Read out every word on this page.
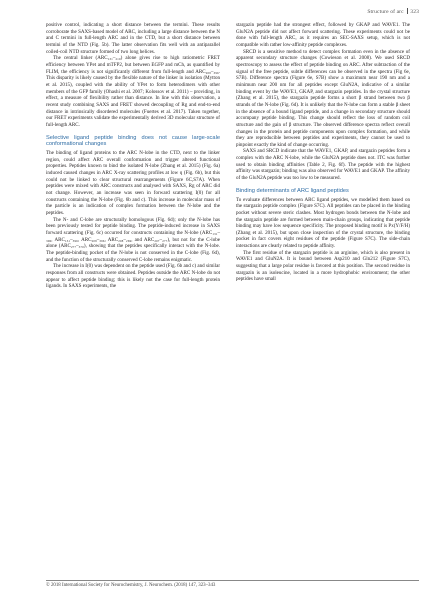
Structure of arc 323

positive control, indicating a short distance between the termini. These results corroborate the SAXS-based model of ARC, including a large distance between the N and C termini in full-length ARC and in the CTD, but a short distance between termini of the NTD (Fig. 5b). The latter observation fits well with an antiparallel coiled-coil NTD structure formed of two long helices.

The central linker (ARC₁₃₁–₂₁₉) alone gives rise to high ratiometric FRET efficiency between YPet and mTFP2, but between EGFP and mCh, as quantified by FLIM, the efficiency is not significantly different from full-length and ARC₂₀₈–₃₉₆. This disparity is likely caused by the flexible nature of the linker in isolation (Mytton et al. 2015), coupled with the ability of YPet to form heterodimers with other members of the GFP family (Ohashi et al. 2007; Kolossov et al. 2011) – providing, in effect, a measure of flexibility rather than distance. In line with this observation, a recent study combining SAXS and FRET showed decoupling of Rg and end-to-end distance in intrinsically disordered molecules (Fuertes et al. 2017). Taken together, our FRET experiments validate the experimentally derived 3D molecular structure of full-length ARC.

Selective ligand peptide binding does not cause large-scale conformational changes

The binding of ligand proteins to the ARC N-lobe in the CTD, next to the linker region, could affect ARC overall conformation and trigger altered functional properties. Peptides known to bind the isolated N-lobe (Zhang et al. 2015) (Fig. 6a) induced caused changes in ARC X-ray scattering profiles at low q (Fig. 6b), but this could not be linked to clear structural rearrangements (Figure 6C,S7A). When peptides were mixed with ARC constructs and analysed with SAXS, Rg of ARC did not change. However, an increase was seen in forward scattering I(0) for all constructs containing the N-lobe (Fig. 6b and c). This increase in molecular mass of the particle is an indication of complex formation between the N-lobe and the peptides.

The N- and C-lobe are structurally homologous (Fig. 6d); only the N-lobe has been previously tested for peptide binding. The peptide-induced increase in SAXS forward scattering (Fig. 6c) occurred for constructs containing the N-lobe (ARC₁₃₁–₃₉₆, ARC₁₃₁–₃₉₆, ARC₂₀₈–₃₉₆, ARC₂₀₈–₂₆₉, and ARC₂₀₇–₂₇₇), but not for the C-lobe alone (ARC₂₇₇–₃₇₀), showing that the peptides specifically interact with the N-lobe. The peptide-binding pocket of the N-lobe is not conserved in the C-lobe (Fig. 6d), and the function of the structurally conserved C-lobe remains enigmatic.

The increase in I(0) was dependent on the peptide used (Fig. 6b and c) and similar responses from all constructs were obtained. Peptides outside the ARC N-lobe do not appear to affect peptide binding; this is likely not the case for full-length protein ligands. In SAXS experiments, the

stargazin peptide had the strongest effect, followed by GKAP and WAVE1. The GluN2A peptide did not affect forward scattering. These experiments could not be done with full-length ARC, as it requires an SEC-SAXS setup, which is not compatible with rather low-affinity peptide complexes.

SRCD is a sensitive method to detect complex formation even in the absence of apparent secondary structure changes (Cowieson et al. 2008). We used SRCD spectroscopy to assess the effect of peptide binding on ARC. After subtraction of the signal of the free peptide, subtle differences can be observed in the spectra (Fig 6e, S7B). Difference spectra (Figure 6e, S7B) show a maximum near 190 nm and a minimum near 200 nm for all peptides except GluN2A, indicative of a similar binding event by the WAVE1, GKAP, and stargazin peptides. In the crystal structure (Zhang et al. 2015), the stargazin peptide forms a short β strand between two β strands of the N-lobe (Fig. 6d). It is unlikely that the N-lobe can form a stable β sheet in the absence of a bound ligand peptide, and a change in secondary structure should accompany peptide binding. This change should reflect the loss of random coil structure and the gain of β structure. The observed difference spectra reflect overall changes in the protein and peptide components upon complex formation, and while they are reproducible between peptides and experiments, they cannot be used to pinpoint exactly the kind of change occurring.

SAXS and SRCD indicate that the WAVE1, GKAP, and stargazin peptides form a complex with the ARC N-lobe, while the GluN2A peptide does not. ITC was further used to obtain binding affinities (Table 2, Fig. 6f). The peptide with the highest affinity was stargazin; binding was also observed for WAVE1 and GKAP. The affinity of the GluN2A peptide was too low to be measured.

Binding determinants of ARC ligand peptides

To evaluate differences between ARC ligand peptides, we modelled them based on the stargazin peptide complex (Figure S7C). All peptides can be placed in the binding pocket without severe steric clashes. Most hydrogen bonds between the N-lobe and the stargazin peptide are formed between main-chain groups, indicating that peptide binding may have low sequence specificity. The proposed binding motif is Px(Y/F/H) (Zhang et al. 2015), but upon close inspection of the crystal structure, the binding pocket in fact covers eight residues of the peptide (Figure S7C). The side-chain interactions are clearly related to peptide affinity.

The first residue of the stargazin peptide is an arginine, which is also present in WAVE1 and GluN2A. It is bound between Asp210 and Gln212 (Figure S7C), suggesting that a large polar residue is favored at this position. The second residue in stargazin is an isoleucine, located in a more hydrophobic environment; the other peptides have small

© 2018 International Society for Neurochemistry, J. Neurochem. (2018) 147, 323–343
